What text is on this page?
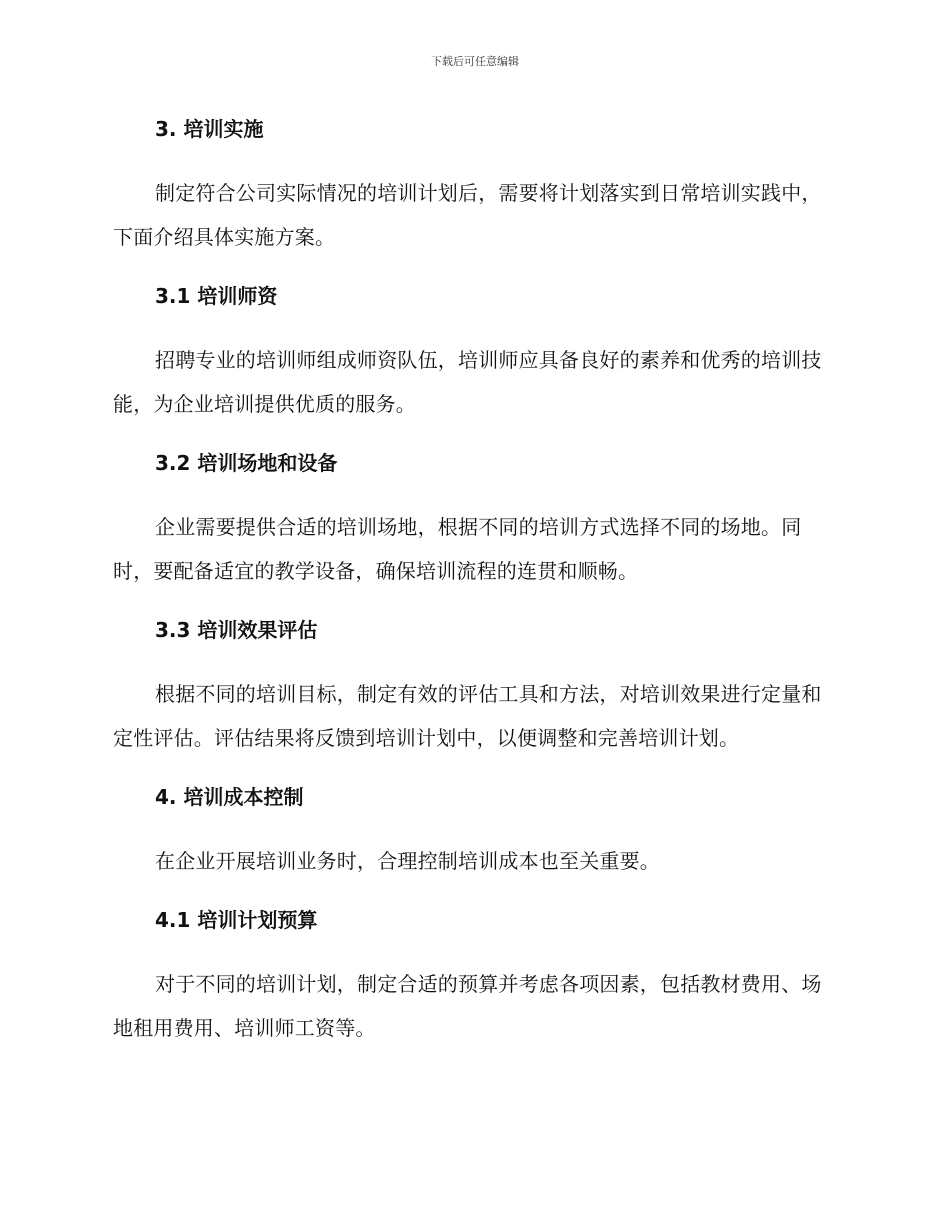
下载后可任意编辑
3. 培训实施

制定符合公司实际情况的培训计划后，需要将计划落实到日常培训实践中，下面介绍具体实施方案。

3.1 培训师资

招聘专业的培训师组成师资队伍，培训师应具备良好的素养和优秀的培训技能，为企业培训提供优质的服务。

3.2 培训场地和设备

企业需要提供合适的培训场地，根据不同的培训方式选择不同的场地。同时，要配备适宜的教学设备，确保培训流程的连贯和顺畅。

3.3 培训效果评估

根据不同的培训目标，制定有效的评估工具和方法，对培训效果进行定量和定性评估。评估结果将反馈到培训计划中，以便调整和完善培训计划。

4. 培训成本控制

在企业开展培训业务时，合理控制培训成本也至关重要。

4.1 培训计划预算

对于不同的培训计划，制定合适的预算并考虑各项因素，包括教材费用、场地租用费用、培训师工资等。
